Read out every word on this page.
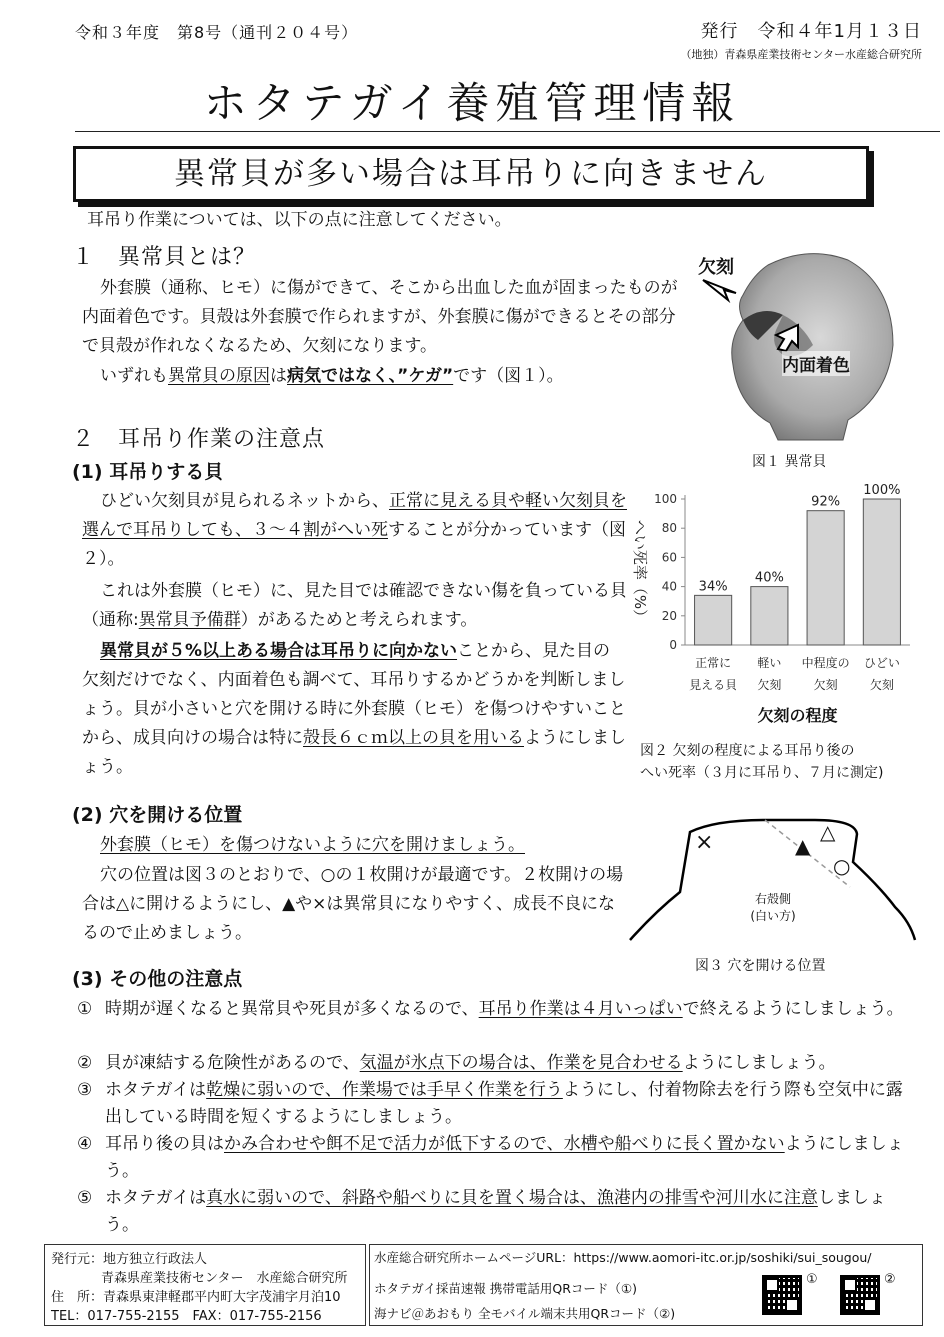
令和３年度　第8号（通刊２０４号）	発行　令和４年1月１３日
（地独）青森県産業技術センター水産総合研究所
ホタテガイ養殖管理情報
異常貝が多い場合は耳吊りに向きません
耳吊り作業については、以下の点に注意してください。
１　異常貝とは？
外套膜（通称、ヒモ）に傷ができて、そこから出血した血が固まったものが内面着色です。貝殻は外套膜で作られますが、外套膜に傷ができるとその部分で貝殻が作れなくなるため、欠刻になります。
いずれも異常貝の原因は病気ではなく、”ケガ”です（図１）。
欠刻
内面着色
図１ 異常貝
２　耳吊り作業の注意点
(1) 耳吊りする貝
ひどい欠刻貝が見られるネットから、正常に見える貝や軽い欠刻貝を選んで耳吊りしても、３～４割がへい死することが分かっています（図２）。
これは外套膜（ヒモ）に、見た目では確認できない傷を負っている貝（通称:異常貝予備群）があるためと考えられます。
異常貝が５%以上ある場合は耳吊りに向かないことから、見た目の欠刻だけでなく、内面着色も調べて、耳吊りするかどうかを判断しましょう。貝が小さいと穴を開ける時に外套膜（ヒモ）を傷つけやすいことから、成貝向けの場合は特に殻長６ｃｍ以上の貝を用いるようにしましょう。
0
20
40
60
80
100
へい死率（%）
欠刻の程度
34%
正常に
見える貝
40%
軽い
欠刻
92%
中程度の
欠刻
100%
ひどい
欠刻
図２ 欠刻の程度による耳吊り後の
へい死率（３月に耳吊り、７月に測定)
(2) 穴を開ける位置
外套膜（ヒモ）を傷つけないように穴を開けましょう。
穴の位置は図３のとおりで、○の１枚開けが最適です。２枚開けの場合は△に開けるようにし、▲や×は異常貝になりやすく、成長不良になるので止めましょう。
×	▲
△
○
右殻側
(白い方)
図３ 穴を開ける位置
(3) その他の注意点
① 時期が遅くなると異常貝や死貝が多くなるので、耳吊り作業は４月いっぱいで終えるようにしましょう。
② 貝が凍結する危険性があるので、気温が氷点下の場合は、作業を見合わせるようにしましょう。
③ ホタテガイは乾燥に弱いので、作業場では手早く作業を行うようにし、付着物除去を行う際も空気中に露出している時間を短くするようにしましょう。
④ 耳吊り後の貝はかみ合わせや餌不足で活力が低下するので、水槽や船べりに長く置かないようにしましょう。
⑤ ホタテガイは真水に弱いので、斜路や船べりに貝を置く場合は、漁港内の排雪や河川水に注意しましょう。
発行元：地方独立行政法人
青森県産業技術センター　水産総合研究所
住　所：青森県東津軽郡平内町大字茂浦字月泊10
TEL：017-755-2155　FAX：017-755-2156
水産総合研究所ホームページURL：https://www.aomori-itc.or.jp/soshiki/sui_sougou/
ホタテガイ採苗速報 携帯電話用QRコード（①)
海ナビ＠あおもり 全モバイル端末共用QRコード（②)
①	②
